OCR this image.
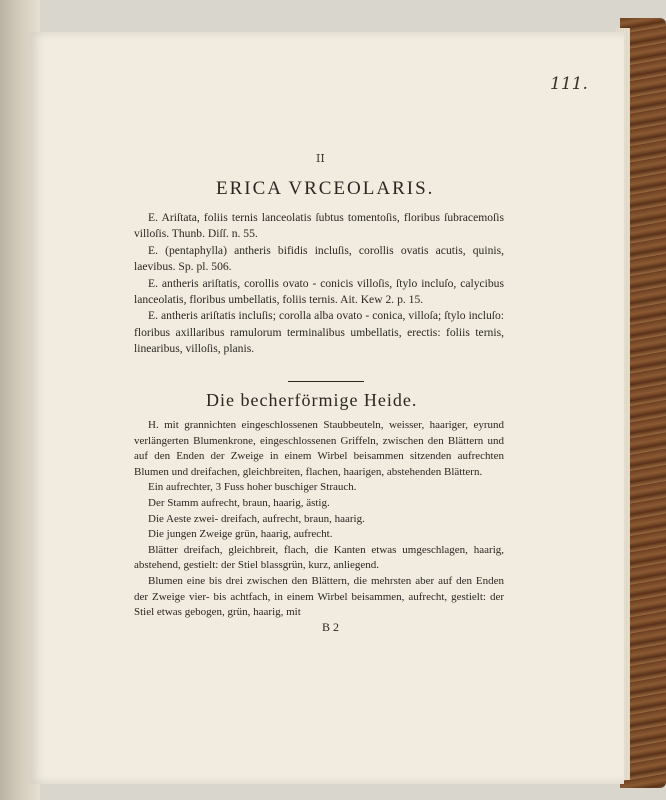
111.
II
ERICA VRCEOLARIS.

E. Ariſtata, foliis ternis lanceolatis ſubtus tomentoſis, floribus ſubracemoſis villoſis. Thunb. Diſſ. n. 55.

E. (pentaphylla) antheris bifidis incluſis, corollis ovatis acutis, quinis, laevibus. Sp. pl. 506.

E. antheris ariſtatis, corollis ovato - conicis villoſis, ſtylo incluſo, calycibus lanceolatis, floribus umbellatis, foliis ternis. Ait. Kew 2. p. 15.

E. antheris ariſtatis incluſis; corolla alba ovato - conica, villoſa; ſtylo incluſo: floribus axillaribus ramulorum terminalibus umbellatis, erectis: foliis ternis, linearibus, villoſis, planis.

Die becherförmige Heide.

H. mit grannichten eingeschlossenen Staubbeuteln, weisser, haariger, eyrund verlängerten Blumenkrone, eingeschlossenen Griffeln, zwischen den Blättern und auf den Enden der Zweige in einem Wirbel beisammen sitzenden aufrechten Blumen und dreifachen, gleichbreiten, flachen, haarigen, abstehenden Blättern.

Ein aufrechter, 3 Fuss hoher buschiger Strauch.

Der Stamm aufrecht, braun, haarig, ästig.

Die Aeste zwei- dreifach, aufrecht, braun, haarig.

Die jungen Zweige grün, haarig, aufrecht.

Blätter dreifach, gleichbreit, flach, die Kanten etwas umgeschlagen, haarig, abstehend, gestielt: der Stiel blassgrün, kurz, anliegend.

Blumen eine bis drei zwischen den Blättern, die mehrsten aber auf den Enden der Zweige vier- bis achtfach, in einem Wirbel beisammen, aufrecht, gestielt: der Stiel etwas gebogen, grün, haarig, mit

B 2
